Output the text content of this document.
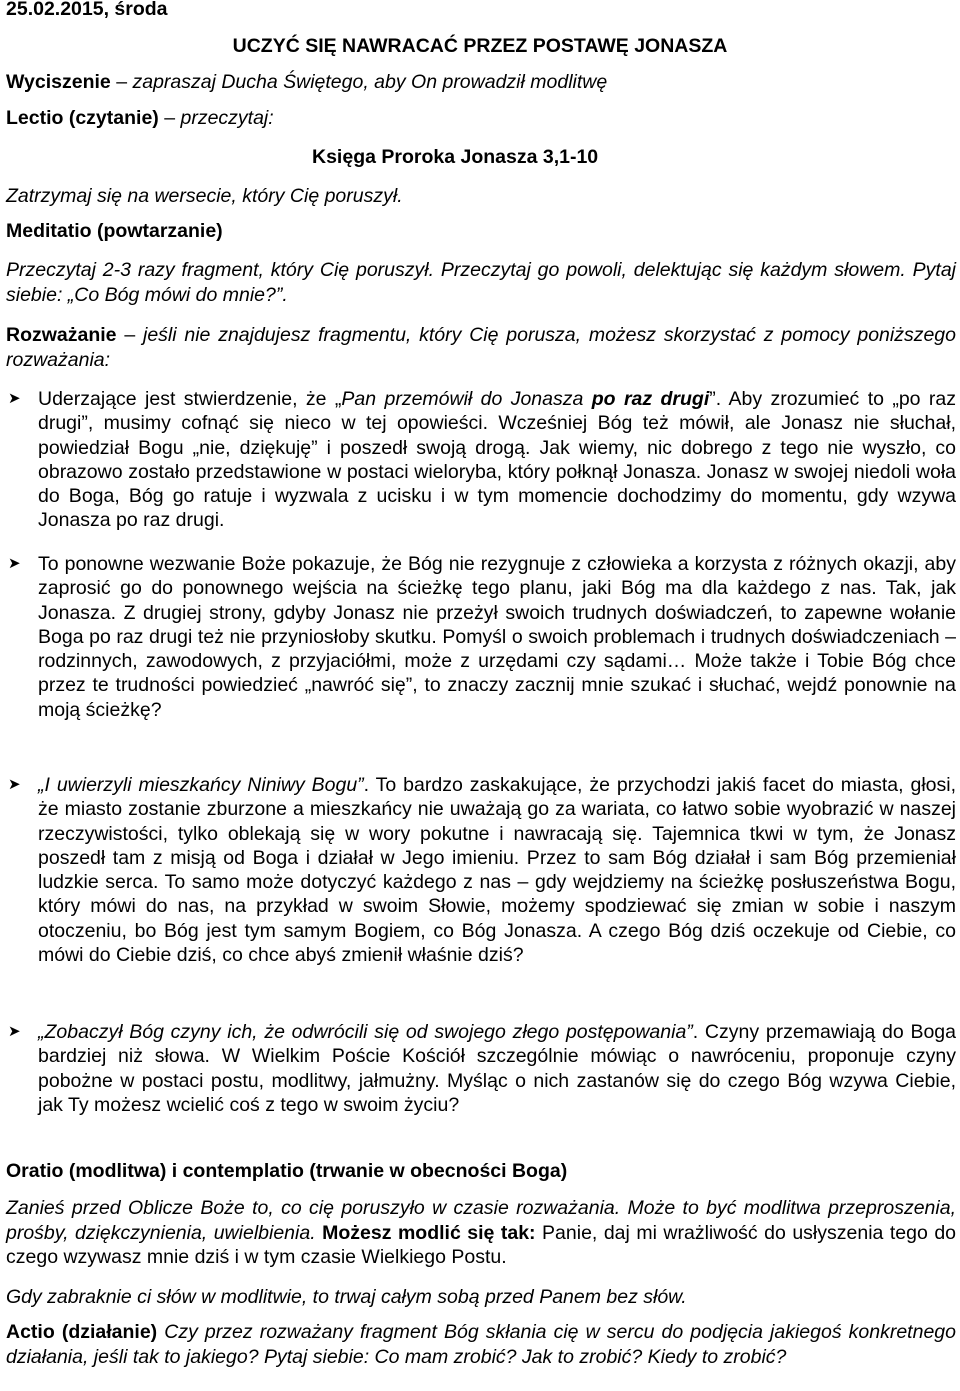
25.02.2015, środa
UCZYĆ SIĘ NAWRACAĆ PRZEZ POSTAWĘ JONASZA
Wyciszenie – zapraszaj Ducha Świętego, aby On prowadził modlitwę
Lectio (czytanie) – przeczytaj:
Księga Proroka Jonasza 3,1-10
Zatrzymaj się na wersecie, który Cię poruszył.
Meditatio (powtarzanie)
Przeczytaj 2-3 razy fragment, który Cię poruszył. Przeczytaj go powoli, delektując się każdym słowem. Pytaj siebie: „Co Bóg mówi do mnie?”.
Rozważanie – jeśli nie znajdujesz fragmentu, który Cię porusza, możesz skorzystać z pomocy poniższego rozważania:
➤ Uderzające jest stwierdzenie, że „Pan przemówił do Jonasza po raz drugi”. Aby zrozumieć to „po raz drugi”, musimy cofnąć się nieco w tej opowieści. Wcześniej Bóg też mówił, ale Jonasz nie słuchał, powiedział Bogu „nie, dziękuję” i poszedł swoją drogą. Jak wiemy, nic dobrego z tego nie wyszło, co obrazowo zostało przedstawione w postaci wieloryba, który połknął Jonasza. Jonasz w swojej niedoli woła do Boga, Bóg go ratuje i wyzwala z ucisku i w tym momencie dochodzimy do momentu, gdy wzywa Jonasza po raz drugi.
➤ To ponowne wezwanie Boże pokazuje, że Bóg nie rezygnuje z człowieka a korzysta z różnych okazji, aby zaprosić go do ponownego wejścia na ścieżkę tego planu, jaki Bóg ma dla każdego z nas. Tak, jak Jonasza. Z drugiej strony, gdyby Jonasz nie przeżył swoich trudnych doświadczeń, to zapewne wołanie Boga po raz drugi też nie przyniosłoby skutku. Pomyśl o swoich problemach i trudnych doświadczeniach – rodzinnych, zawodowych, z przyjaciółmi, może z urzędami czy sądami… Może także i Tobie Bóg chce przez te trudności powiedzieć „nawróć się”, to znaczy zacznij mnie szukać i słuchać, wejdź ponownie na moją ścieżkę?
➤ „I uwierzyli mieszkańcy Niniwy Bogu”. To bardzo zaskakujące, że przychodzi jakiś facet do miasta, głosi, że miasto zostanie zburzone a mieszkańcy nie uważają go za wariata, co łatwo sobie wyobrazić w naszej rzeczywistości, tylko oblekają się w wory pokutne i nawracają się. Tajemnica tkwi w tym, że Jonasz poszedł tam z misją od Boga i działał w Jego imieniu. Przez to sam Bóg działał i sam Bóg przemieniał ludzkie serca. To samo może dotyczyć każdego z nas – gdy wejdziemy na ścieżkę posłuszeństwa Bogu, który mówi do nas, na przykład w swoim Słowie, możemy spodziewać się zmian w sobie i naszym otoczeniu, bo Bóg jest tym samym Bogiem, co Bóg Jonasza. A czego Bóg dziś oczekuje od Ciebie, co mówi do Ciebie dziś, co chce abyś zmienił właśnie dziś?
➤ „Zobaczył Bóg czyny ich, że odwrócili się od swojego złego postępowania”. Czyny przemawiają do Boga bardziej niż słowa. W Wielkim Poście Kościół szczególnie mówiąc o nawróceniu, proponuje czyny pobożne w postaci postu, modlitwy, jałmużny. Myśląc o nich zastanów się do czego Bóg wzywa Ciebie, jak Ty możesz wcielić coś z tego w swoim życiu?
Oratio (modlitwa) i contemplatio (trwanie w obecności Boga)
Zanieś przed Oblicze Boże to, co cię poruszyło w czasie rozważania. Może to być modlitwa przeproszenia, prośby, dziękczynienia, uwielbienia. Możesz modlić się tak: Panie, daj mi wrażliwość do usłyszenia tego do czego wzywasz mnie dziś i w tym czasie Wielkiego Postu.
Gdy zabraknie ci słów w modlitwie, to trwaj całym sobą przed Panem bez słów.
Actio (działanie) Czy przez rozważany fragment Bóg skłania cię w sercu do podjęcia jakiegoś konkretnego działania, jeśli tak to jakiego? Pytaj siebie: Co mam zrobić? Jak to zrobić? Kiedy to zrobić?
